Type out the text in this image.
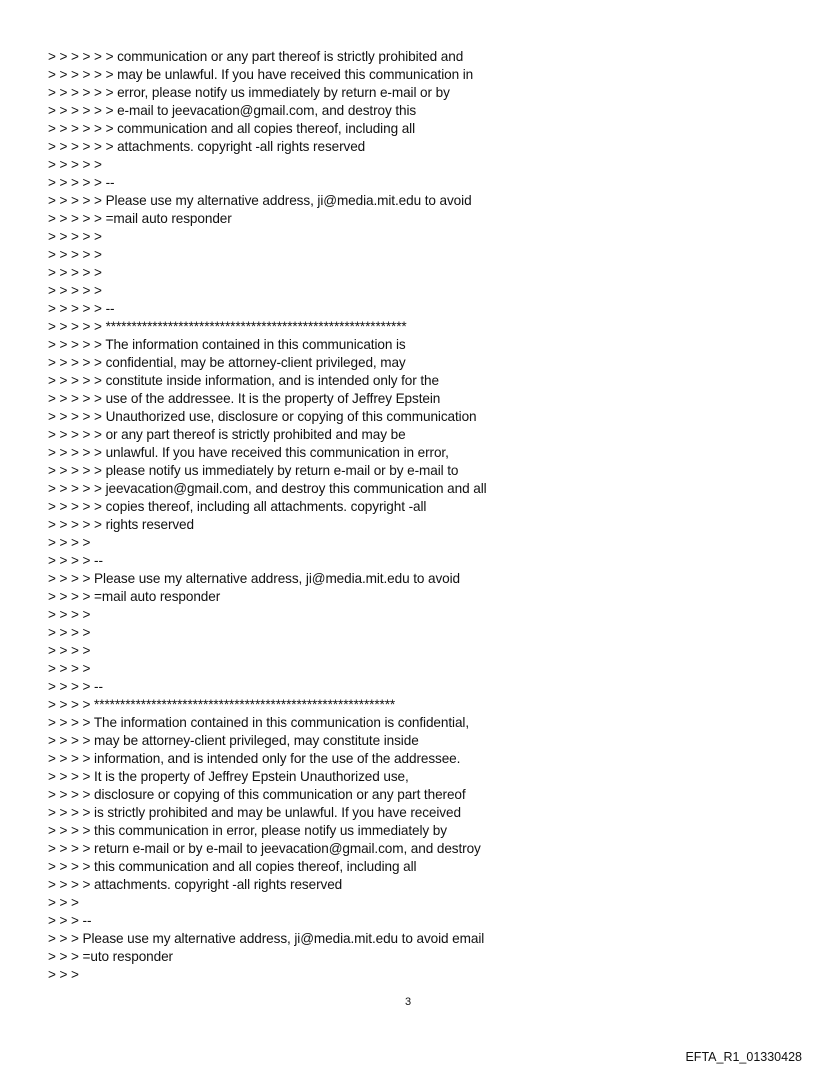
> > > > > > communication or any part thereof is strictly prohibited and
> > > > > > may be unlawful. If you have received this communication in
> > > > > > error, please notify us immediately by return e-mail or by
> > > > > > e-mail to jeevacation@gmail.com, and destroy this
> > > > > > communication and all copies thereof, including all
> > > > > > attachments. copyright -all rights reserved
> > > > >
> > > > > --
> > > > > Please use my alternative address, ji@media.mit.edu to avoid
> > > > > =mail auto responder
> > > > >
> > > > >
> > > > >
> > > > >
> > > > > --
> > > > > **********************************************************
> > > > > The information contained in this communication is
> > > > > confidential, may be attorney-client privileged, may
> > > > > constitute inside information, and is intended only for the
> > > > > use of the addressee. It is the property of Jeffrey Epstein
> > > > > Unauthorized use, disclosure or copying of this communication
> > > > > or any part thereof is strictly prohibited and may be
> > > > > unlawful. If you have received this communication in error,
> > > > > please notify us immediately by return e-mail or by e-mail to
> > > > > jeevacation@gmail.com, and destroy this communication and all
> > > > > copies thereof, including all attachments. copyright -all
> > > > > rights reserved
> > > >
> > > > --
> > > > Please use my alternative address, ji@media.mit.edu to avoid
> > > > =mail auto responder
> > > >
> > > >
> > > >
> > > >
> > > > --
> > > > **********************************************************
> > > > The information contained in this communication is confidential,
> > > > may be attorney-client privileged, may constitute inside
> > > > information, and is intended only for the use of the addressee.
> > > > It is the property of Jeffrey Epstein Unauthorized use,
> > > > disclosure or copying of this communication or any part thereof
> > > > is strictly prohibited and may be unlawful. If you have received
> > > > this communication in error, please notify us immediately by
> > > > return e-mail or by e-mail to jeevacation@gmail.com, and destroy
> > > > this communication and all copies thereof, including all
> > > > attachments. copyright -all rights reserved
> > >
> > > --
> > > Please use my alternative address, ji@media.mit.edu to avoid email
> > > =uto responder
> > >
3
EFTA_R1_01330428
